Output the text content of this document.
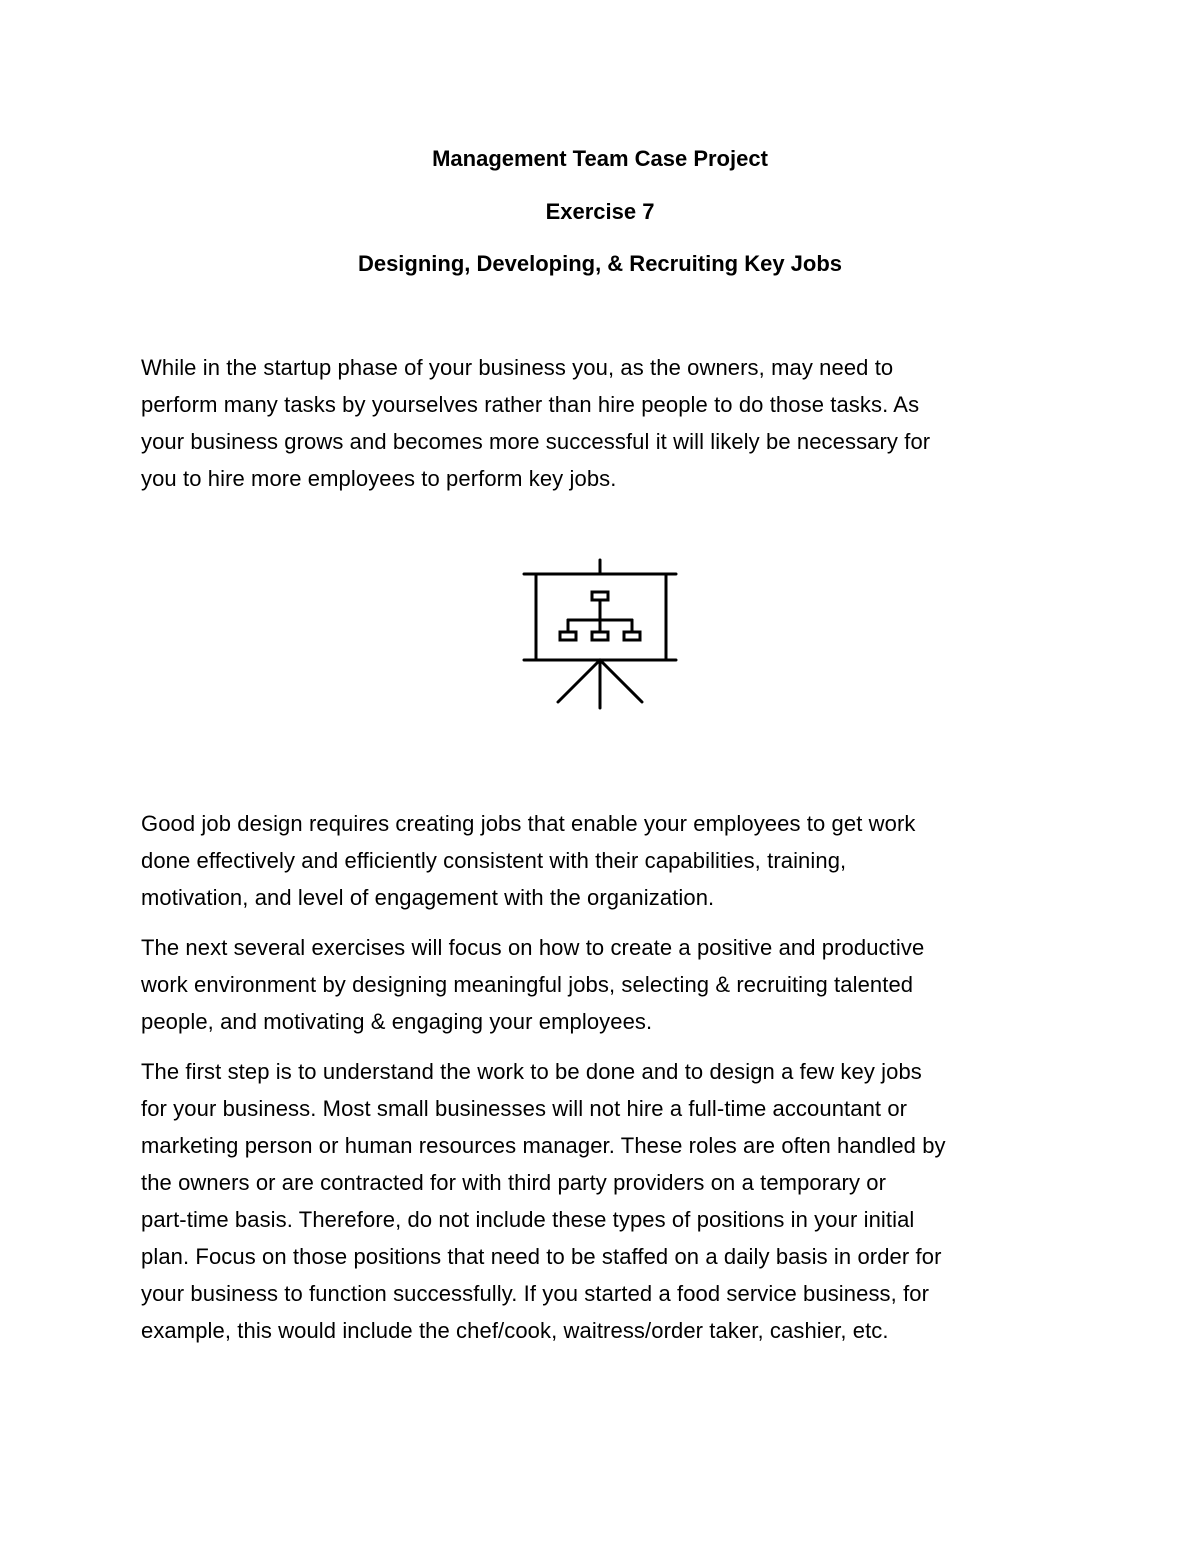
Management Team Case Project
Exercise 7
Designing, Developing, & Recruiting Key Jobs

While in the startup phase of your business you, as the owners, may need to
perform many tasks by yourselves rather than hire people to do those tasks. As
your business grows and becomes more successful it will likely be necessary for
you to hire more employees to perform key jobs.

Good job design requires creating jobs that enable your employees to get work
done effectively and efficiently consistent with their capabilities, training,
motivation, and level of engagement with the organization.

The next several exercises will focus on how to create a positive and productive
work environment by designing meaningful jobs, selecting & recruiting talented
people, and motivating & engaging your employees.

The first step is to understand the work to be done and to design a few key jobs
for your business. Most small businesses will not hire a full-time accountant or
marketing person or human resources manager. These roles are often handled by
the owners or are contracted for with third party providers on a temporary or
part-time basis. Therefore, do not include these types of positions in your initial
plan. Focus on those positions that need to be staffed on a daily basis in order for
your business to function successfully. If you started a food service business, for
example, this would include the chef/cook, waitress/order taker, cashier, etc.
